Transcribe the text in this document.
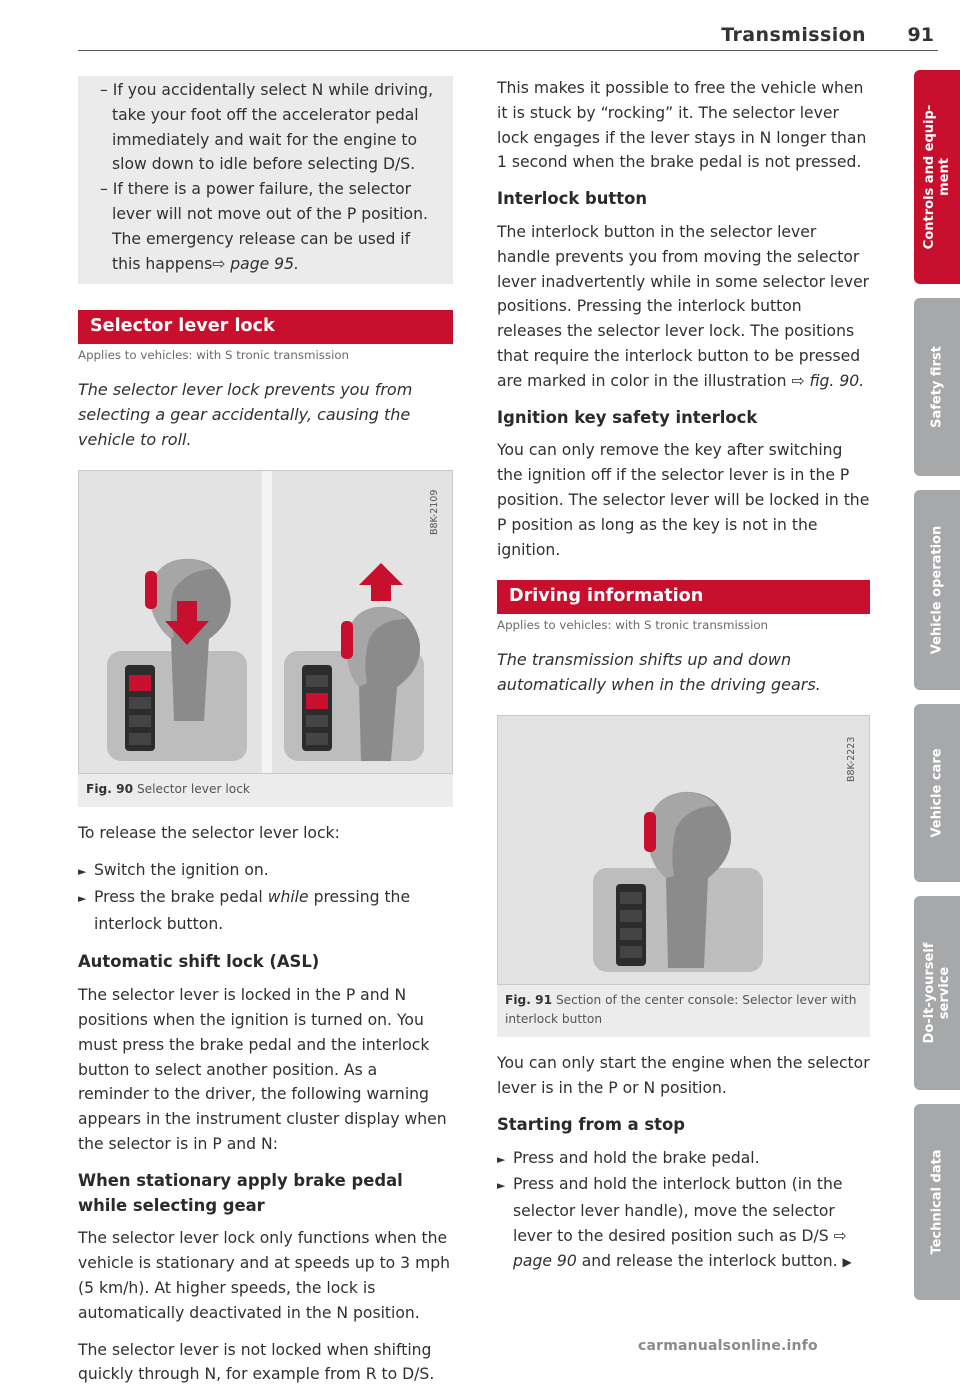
Transmission 91
– If you accidentally select N while driving, take your foot off the accelerator pedal immediately and wait for the engine to slow down to idle before selecting D/S.
– If there is a power failure, the selector lever will not move out of the P position. The emergency release can be used if this happens⇨ page 95.
Selector lever lock
Applies to vehicles: with S tronic transmission
The selector lever lock prevents you from selecting a gear accidentally, causing the vehicle to roll.
B8K-2109
Fig. 90 Selector lever lock

To release the selector lever lock:

► Switch the ignition on.
► Press the brake pedal while pressing the interlock button.
Automatic shift lock (ASL)

The selector lever is locked in the P and N positions when the ignition is turned on. You must press the brake pedal and the interlock button to select another position. As a reminder to the driver, the following warning appears in the instrument cluster display when the selector is in P and N:

When stationary apply brake pedal while selecting gear

The selector lever lock only functions when the vehicle is stationary and at speeds up to 3 mph (5 km/h). At higher speeds, the lock is automatically deactivated in the N position.

The selector lever is not locked when shifting quickly through N, for example from R to D/S.

This makes it possible to free the vehicle when it is stuck by “rocking” it. The selector lever lock engages if the lever stays in N longer than 1 second when the brake pedal is not pressed.

Interlock button

The interlock button in the selector lever handle prevents you from moving the selector lever inadvertently while in some selector lever positions. Pressing the interlock button releases the selector lever lock. The positions that require the interlock button to be pressed are marked in color in the illustration ⇨ fig. 90.

Ignition key safety interlock

You can only remove the key after switching the ignition off if the selector lever is in the P position. The selector lever will be locked in the P position as long as the key is not in the ignition.

Driving information
Applies to vehicles: with S tronic transmission
The transmission shifts up and down automatically when in the driving gears.
B8K-2223
Fig. 91 Section of the center console: Selector lever with interlock button

You can only start the engine when the selector lever is in the P or N position.

Starting from a stop
► Press and hold the brake pedal.
► Press and hold the interlock button (in the selector lever handle), move the selector lever to the desired position such as D/S ⇨ page 90 and release the interlock button. ▶
Controls and equip-
ment
Safety first
Vehicle operation
Vehicle care
Do-it-yourself
service
Technical data
carmanualsonline.info
